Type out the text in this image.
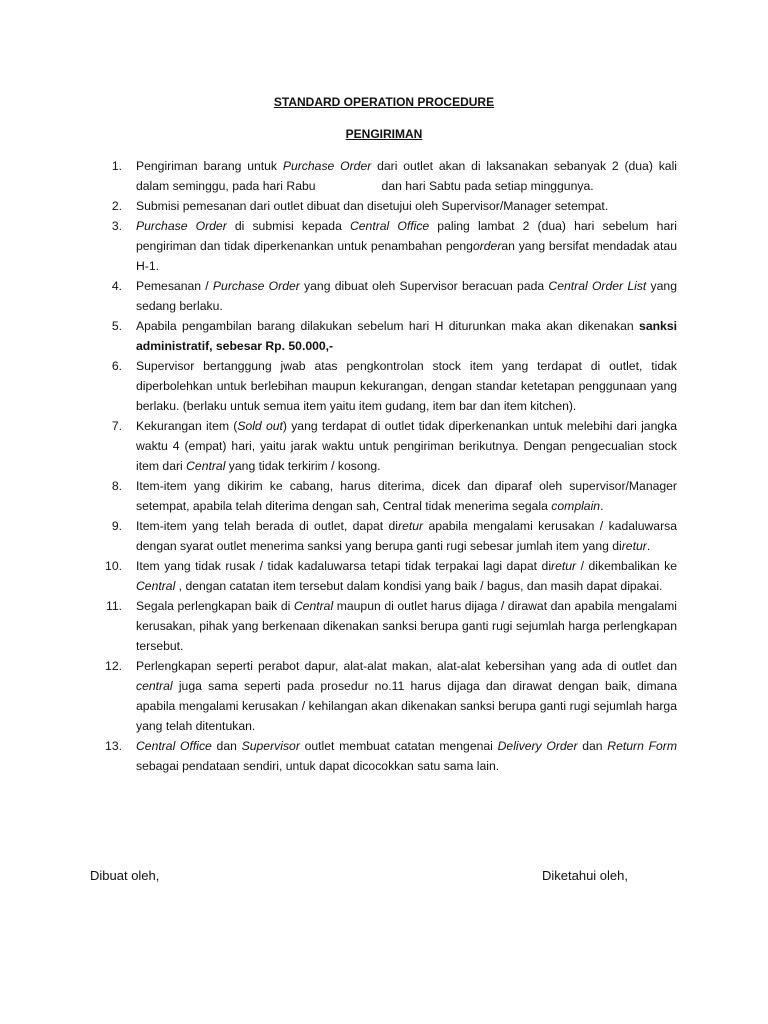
STANDARD OPERATION PROCEDURE
PENGIRIMAN
1. Pengiriman barang untuk Purchase Order dari outlet akan di laksanakan sebanyak 2 (dua) kali dalam seminggu, pada hari Rabu	dan hari Sabtu pada setiap minggunya.
2. Submisi pemesanan dari outlet dibuat dan disetujui oleh Supervisor/Manager setempat.
3. Purchase Order di submisi kepada Central Office paling lambat 2 (dua) hari sebelum hari pengiriman dan tidak diperkenankan untuk penambahan pengorderan yang bersifat mendadak atau H-1.
4. Pemesanan / Purchase Order yang dibuat oleh Supervisor beracuan pada Central Order List yang sedang berlaku.
5. Apabila pengambilan barang dilakukan sebelum hari H diturunkan maka akan dikenakan sanksi administratif, sebesar Rp. 50.000,-
6. Supervisor bertanggung jwab atas pengkontrolan stock item yang terdapat di outlet, tidak diperbolehkan untuk berlebihan maupun kekurangan, dengan standar ketetapan penggunaan yang berlaku. (berlaku untuk semua item yaitu item gudang, item bar dan item kitchen).
7. Kekurangan item (Sold out) yang terdapat di outlet tidak diperkenankan untuk melebihi dari jangka waktu 4 (empat) hari, yaitu jarak waktu untuk pengiriman berikutnya. Dengan pengecualian stock item dari Central yang tidak terkirim / kosong.
8. Item-item yang dikirim ke cabang, harus diterima, dicek dan diparaf oleh supervisor/Manager setempat, apabila telah diterima dengan sah, Central tidak menerima segala complain.
9. Item-item yang telah berada di outlet, dapat diretur apabila mengalami kerusakan / kadaluwarsa dengan syarat outlet menerima sanksi yang berupa ganti rugi sebesar jumlah item yang diretur.
10. Item yang tidak rusak / tidak kadaluwarsa tetapi tidak terpakai lagi dapat diretur / dikembalikan ke Central , dengan catatan item tersebut dalam kondisi yang baik / bagus, dan masih dapat dipakai.
11. Segala perlengkapan baik di Central maupun di outlet harus dijaga / dirawat dan apabila mengalami kerusakan, pihak yang berkenaan dikenakan sanksi berupa ganti rugi sejumlah harga perlengkapan tersebut.
12. Perlengkapan seperti perabot dapur, alat-alat makan, alat-alat kebersihan yang ada di outlet dan central juga sama seperti pada prosedur no.11 harus dijaga dan dirawat dengan baik, dimana apabila mengalami kerusakan / kehilangan akan dikenakan sanksi berupa ganti rugi sejumlah harga yang telah ditentukan.
13. Central Office dan Supervisor outlet membuat catatan mengenai Delivery Order dan Return Form sebagai pendataan sendiri, untuk dapat dicocokkan satu sama lain.
Dibuat oleh,	Diketahui oleh,
